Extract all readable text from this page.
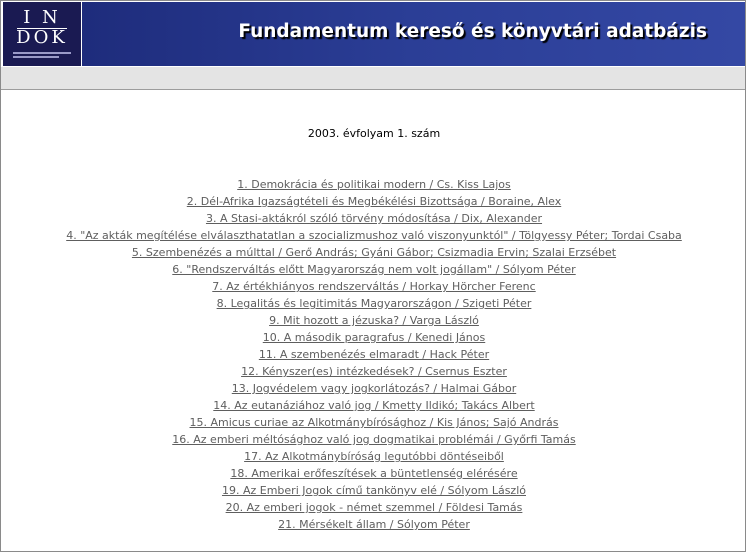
I N
DOK	Fundamentum kereső és könyvtári adatbázis
2003. évfolyam 1. szám
1. Demokrácia és politikai modern / Cs. Kiss Lajos
2. Dél-Afrika Igazságtételi és Megbékélési Bizottsága / Boraine, Alex
3. A Stasi-aktákról szóló törvény módosítása / Dix, Alexander
4. "Az akták megítélése elválaszthatatlan a szocializmushoz való viszonyunktól" / Tölgyessy Péter; Tordai Csaba
5. Szembenézés a múlttal / Gerő András; Gyáni Gábor; Csizmadia Ervin; Szalai Erzsébet
6. "Rendszerváltás előtt Magyarország nem volt jogállam" / Sólyom Péter
7. Az értékhiányos rendszerváltás / Horkay Hörcher Ferenc
8. Legalitás és legitimitás Magyarországon / Szigeti Péter
9. Mit hozott a jézuska? / Varga László
10. A második paragrafus / Kenedi János
11. A szembenézés elmaradt / Hack Péter
12. Kényszer(es) intézkedések? / Csernus Eszter
13. Jogvédelem vagy jogkorlátozás? / Halmai Gábor
14. Az eutanáziához való jog / Kmetty Ildikó; Takács Albert
15. Amicus curiae az Alkotmánybírósághoz / Kis János; Sajó András
16. Az emberi méltósághoz való jog dogmatikai problémái / Győrfi Tamás
17. Az Alkotmánybíróság legutóbbi döntéseiből
18. Amerikai erőfeszítések a büntetlenség elérésére
19. Az Emberi Jogok című tankönyv elé / Sólyom László
20. Az emberi jogok - német szemmel / Földesi Tamás
21. Mérsékelt állam / Sólyom Péter
